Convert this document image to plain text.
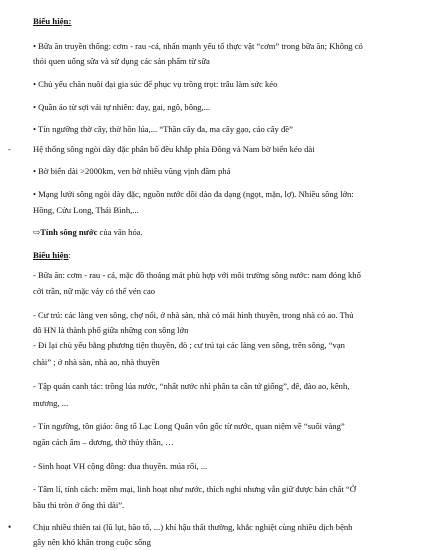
Biểu hiện:
• Bữa ăn truyền thống: cơm - rau -cá, nhấn mạnh yếu tố thực vật “cơm” trong bữa ăn; Không có
thói quen uống sữa và sử dụng các sản phẩm từ sữa
• Chủ yếu chăn nuôi đại gia súc để phục vụ trồng trọt: trâu làm sức kéo
• Quần áo từ sợi vải tự nhiên: đay, gai, ngô, bông,...
• Tín ngưỡng thờ cây, thờ hồn lúa,... “Thần cây đa, ma cây gạo, cáo cây đề”
-	Hệ thống sông ngòi dày đặc phân bố đều khắp phía Đông và Nam bờ biển kéo dài
• Bờ biển dài >2000km, ven bờ nhiều vũng vịnh đầm phá
• Mạng lưới sông ngòi dày đặc, nguồn nước dồi dào đa dạng (ngọt, mặn, lợ). Nhiều sông lớn:
Hồng, Cửu Long, Thái Bình,...
⇨Tính sông nước của văn hóa.
Biểu hiện:
- Bữa ăn: cơm - rau - cá, mặc đồ thoáng mát phù hợp với môi trường sông nước: nam đóng khố
cởi trần, nữ mặc váy có thể vén cao
- Cư trú: các làng ven sông, chợ nổi, ở nhà sàn, nhà có mái hình thuyền, trong nhà có ao. Thủ
đô HN là thành phố giữa những con sông lớn
- Đi lại chủ yếu bằng phương tiện thuyền, đò ; cư trú tại các làng ven sông, trên sông, “vạn
chài” ; ở nhà sàn, nhà ao, nhà thuyền
- Tập quán canh tác: trồng lúa nước, “nhất nước nhì phân ta cần tứ giống”, đê, đào ao, kênh,
mương, ...
- Tín ngưỡng, tôn giáo: ông tổ Lạc Long Quân vốn gốc từ nước, quan niệm về “suối vàng”
ngăn cách âm – dương, thờ thủy thần, …
- Sinh hoạt VH cộng đồng: đua thuyền. múa rối, ...
- Tâm lí, tính cách: mềm mại, linh hoạt như nước, thích nghi nhưng vẫn giữ được bản chất “Ở
bầu thì tròn ở ống thì dài”.
•	Chịu nhiều thiên tai (lũ lụt, bão tố, ...) khí hậu thất thường, khắc nghiệt cùng nhiều dịch bệnh
gây nên khó khăn trong cuộc sống
